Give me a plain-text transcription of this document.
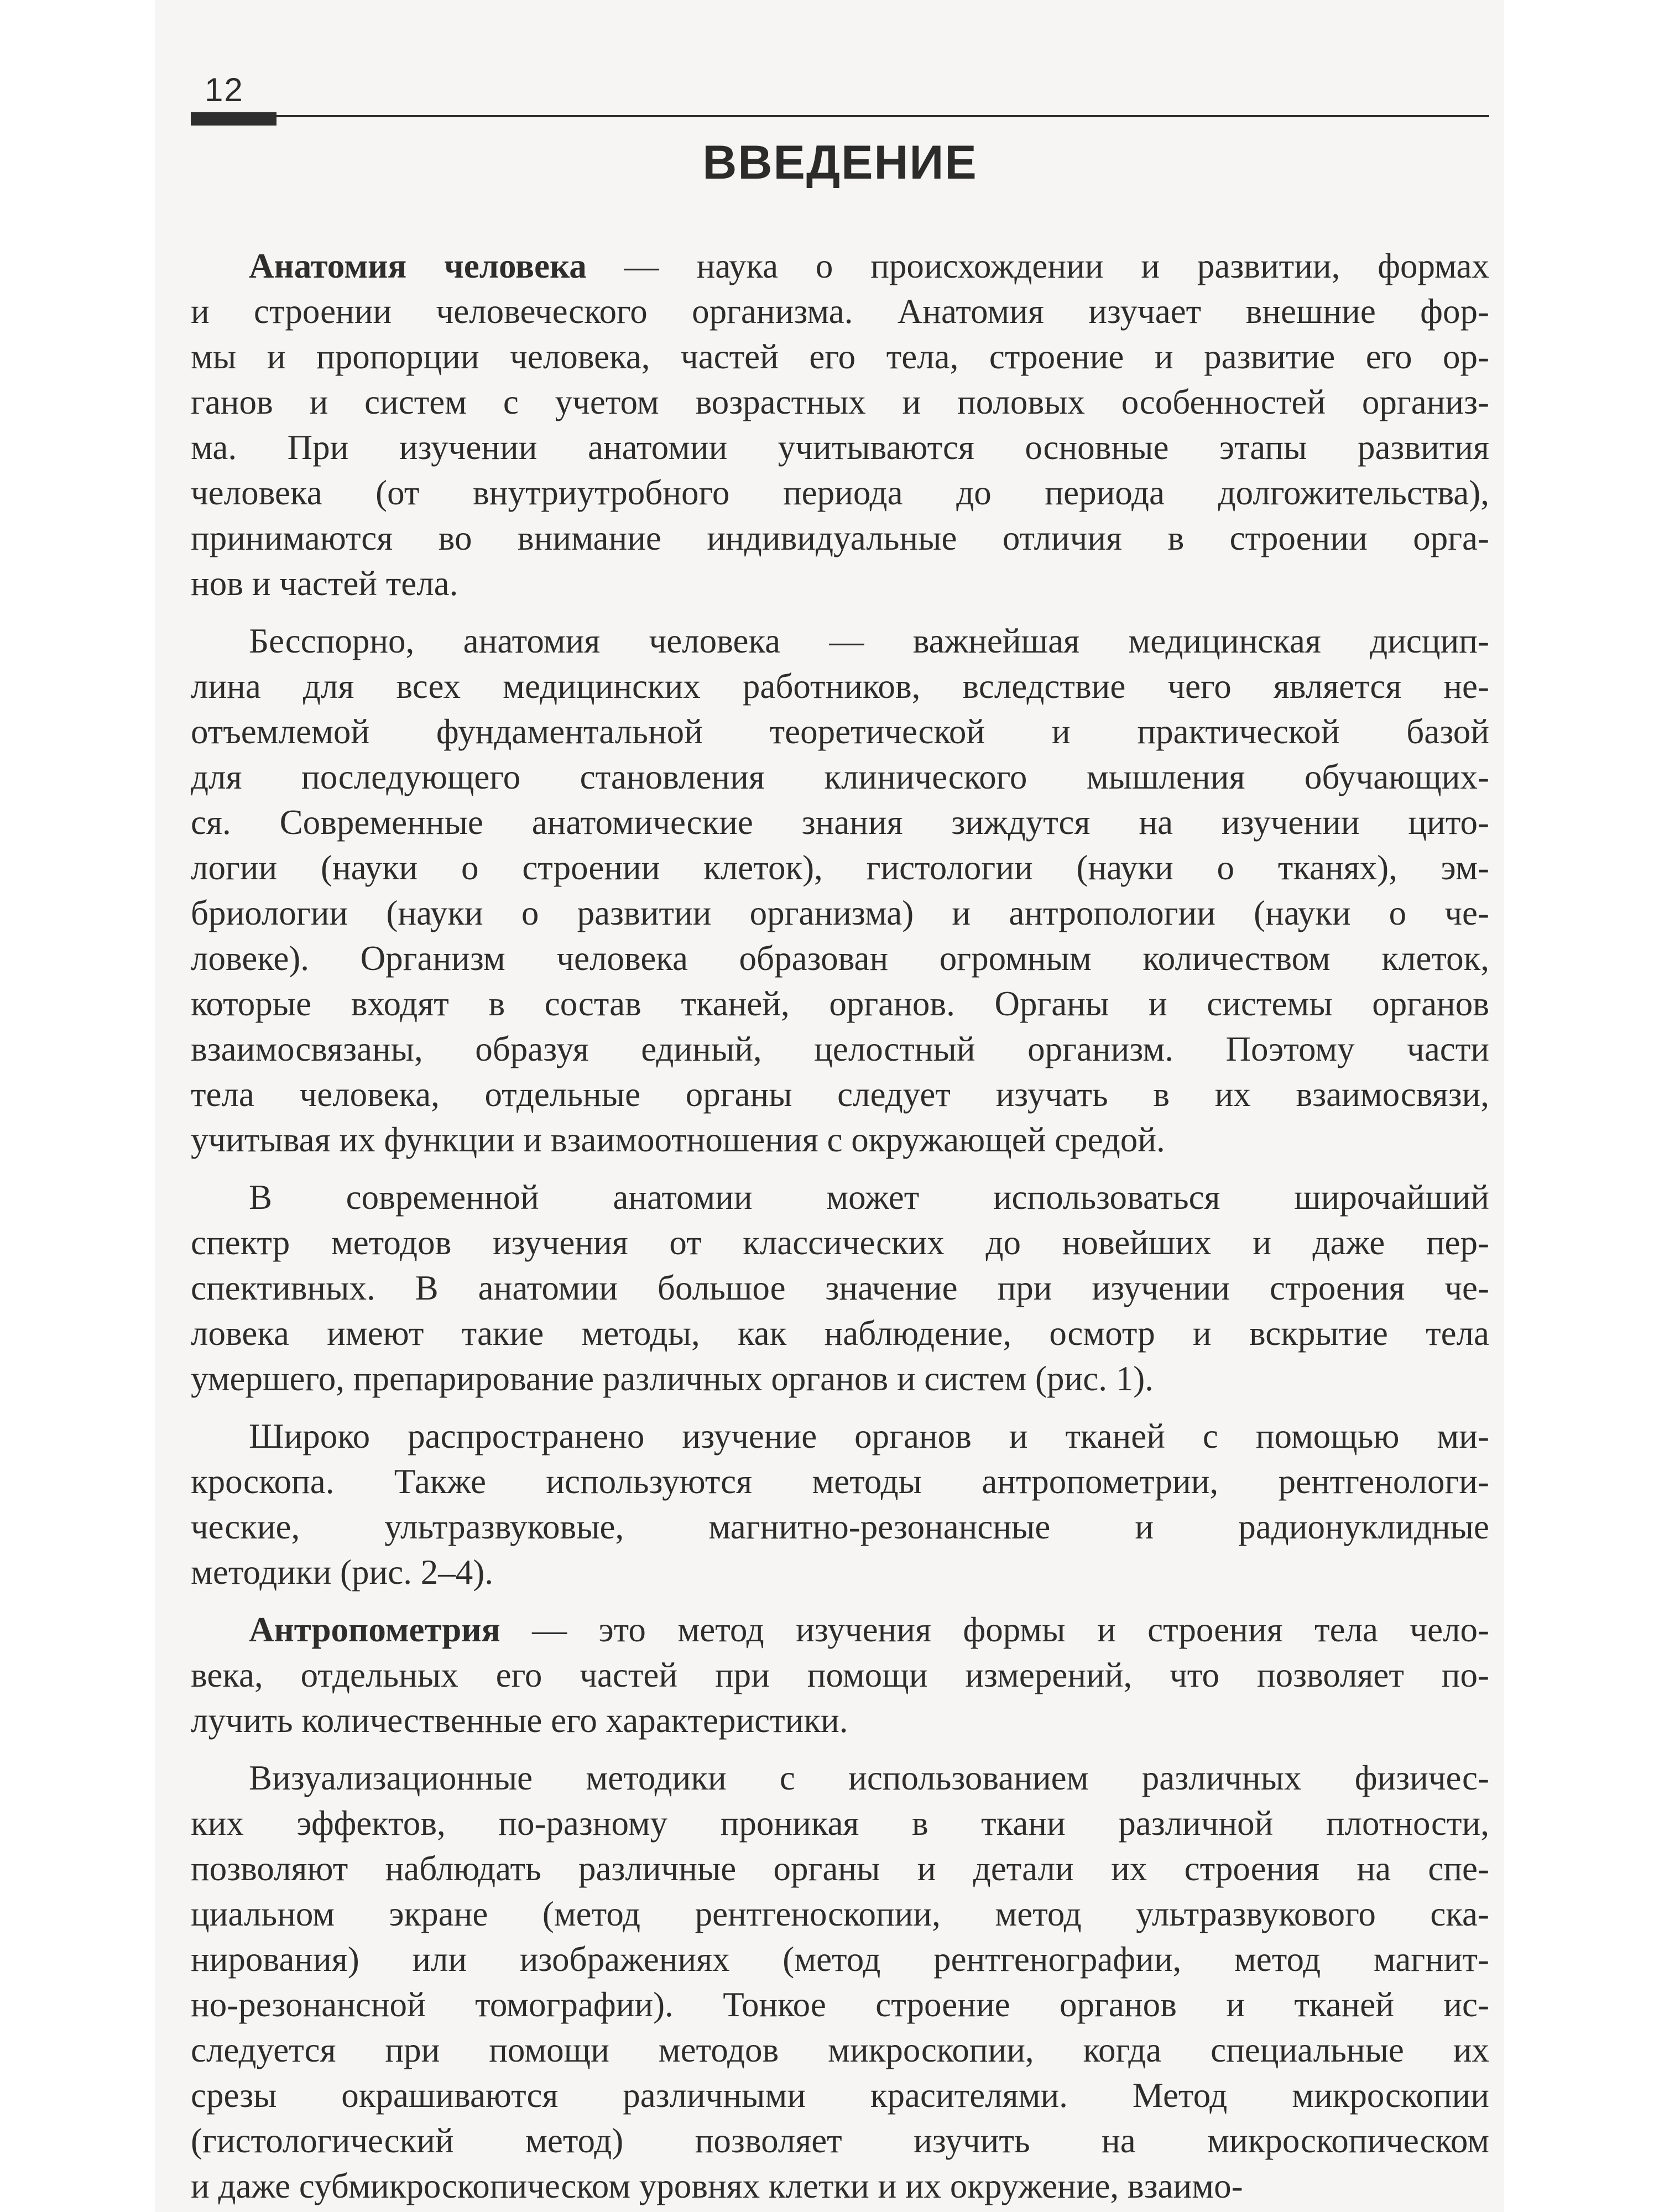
12
ВВЕДЕНИЕ
Анатомия человека — наука о происхождении и развитии, формах
и строении человеческого организма. Анатомия изучает внешние фор-
мы и пропорции человека, частей его тела, строение и развитие его ор-
ганов и систем с учетом возрастных и половых особенностей организ-
ма. При изучении анатомии учитываются основные этапы развития
человека (от внутриутробного периода до периода долгожительства),
принимаются во внимание индивидуальные отличия в строении орга-
нов и частей тела.
Бесспорно, анатомия человека — важнейшая медицинская дисцип-
лина для всех медицинских работников, вследствие чего является не-
отъемлемой фундаментальной теоретической и практической базой
для последующего становления клинического мышления обучающих-
ся. Современные анатомические знания зиждутся на изучении цито-
логии (науки о строении клеток), гистологии (науки о тканях), эм-
бриологии (науки о развитии организма) и антропологии (науки о че-
ловеке). Организм человека образован огромным количеством клеток,
которые входят в состав тканей, органов. Органы и системы органов
взаимосвязаны, образуя единый, целостный организм. Поэтому части
тела человека, отдельные органы следует изучать в их взаимосвязи,
учитывая их функции и взаимоотношения с окружающей средой.
В современной анатомии может использоваться широчайший
спектр методов изучения от классических до новейших и даже пер-
спективных. В анатомии большое значение при изучении строения че-
ловека имеют такие методы, как наблюдение, осмотр и вскрытие тела
умершего, препарирование различных органов и систем (рис. 1).
Широко распространено изучение органов и тканей с помощью ми-
кроскопа. Также используются методы антропометрии, рентгенологи-
ческие, ультразвуковые, магнитно-резонансные и радионуклидные
методики (рис. 2–4).
Антропометрия — это метод изучения формы и строения тела чело-
века, отдельных его частей при помощи измерений, что позволяет по-
лучить количественные его характеристики.
Визуализационные методики с использованием различных физичес-
ких эффектов, по-разному проникая в ткани различной плотности,
позволяют наблюдать различные органы и детали их строения на спе-
циальном экране (метод рентгеноскопии, метод ультразвукового ска-
нирования) или изображениях (метод рентгенографии, метод магнит-
но-резонансной томографии). Тонкое строение органов и тканей ис-
следуется при помощи методов микроскопии, когда специальные их
срезы окрашиваются различными красителями. Метод микроскопии
(гистологический метод) позволяет изучить на микроскопическом
и даже субмикроскопическом уровнях клетки и их окружение, взаимо-
